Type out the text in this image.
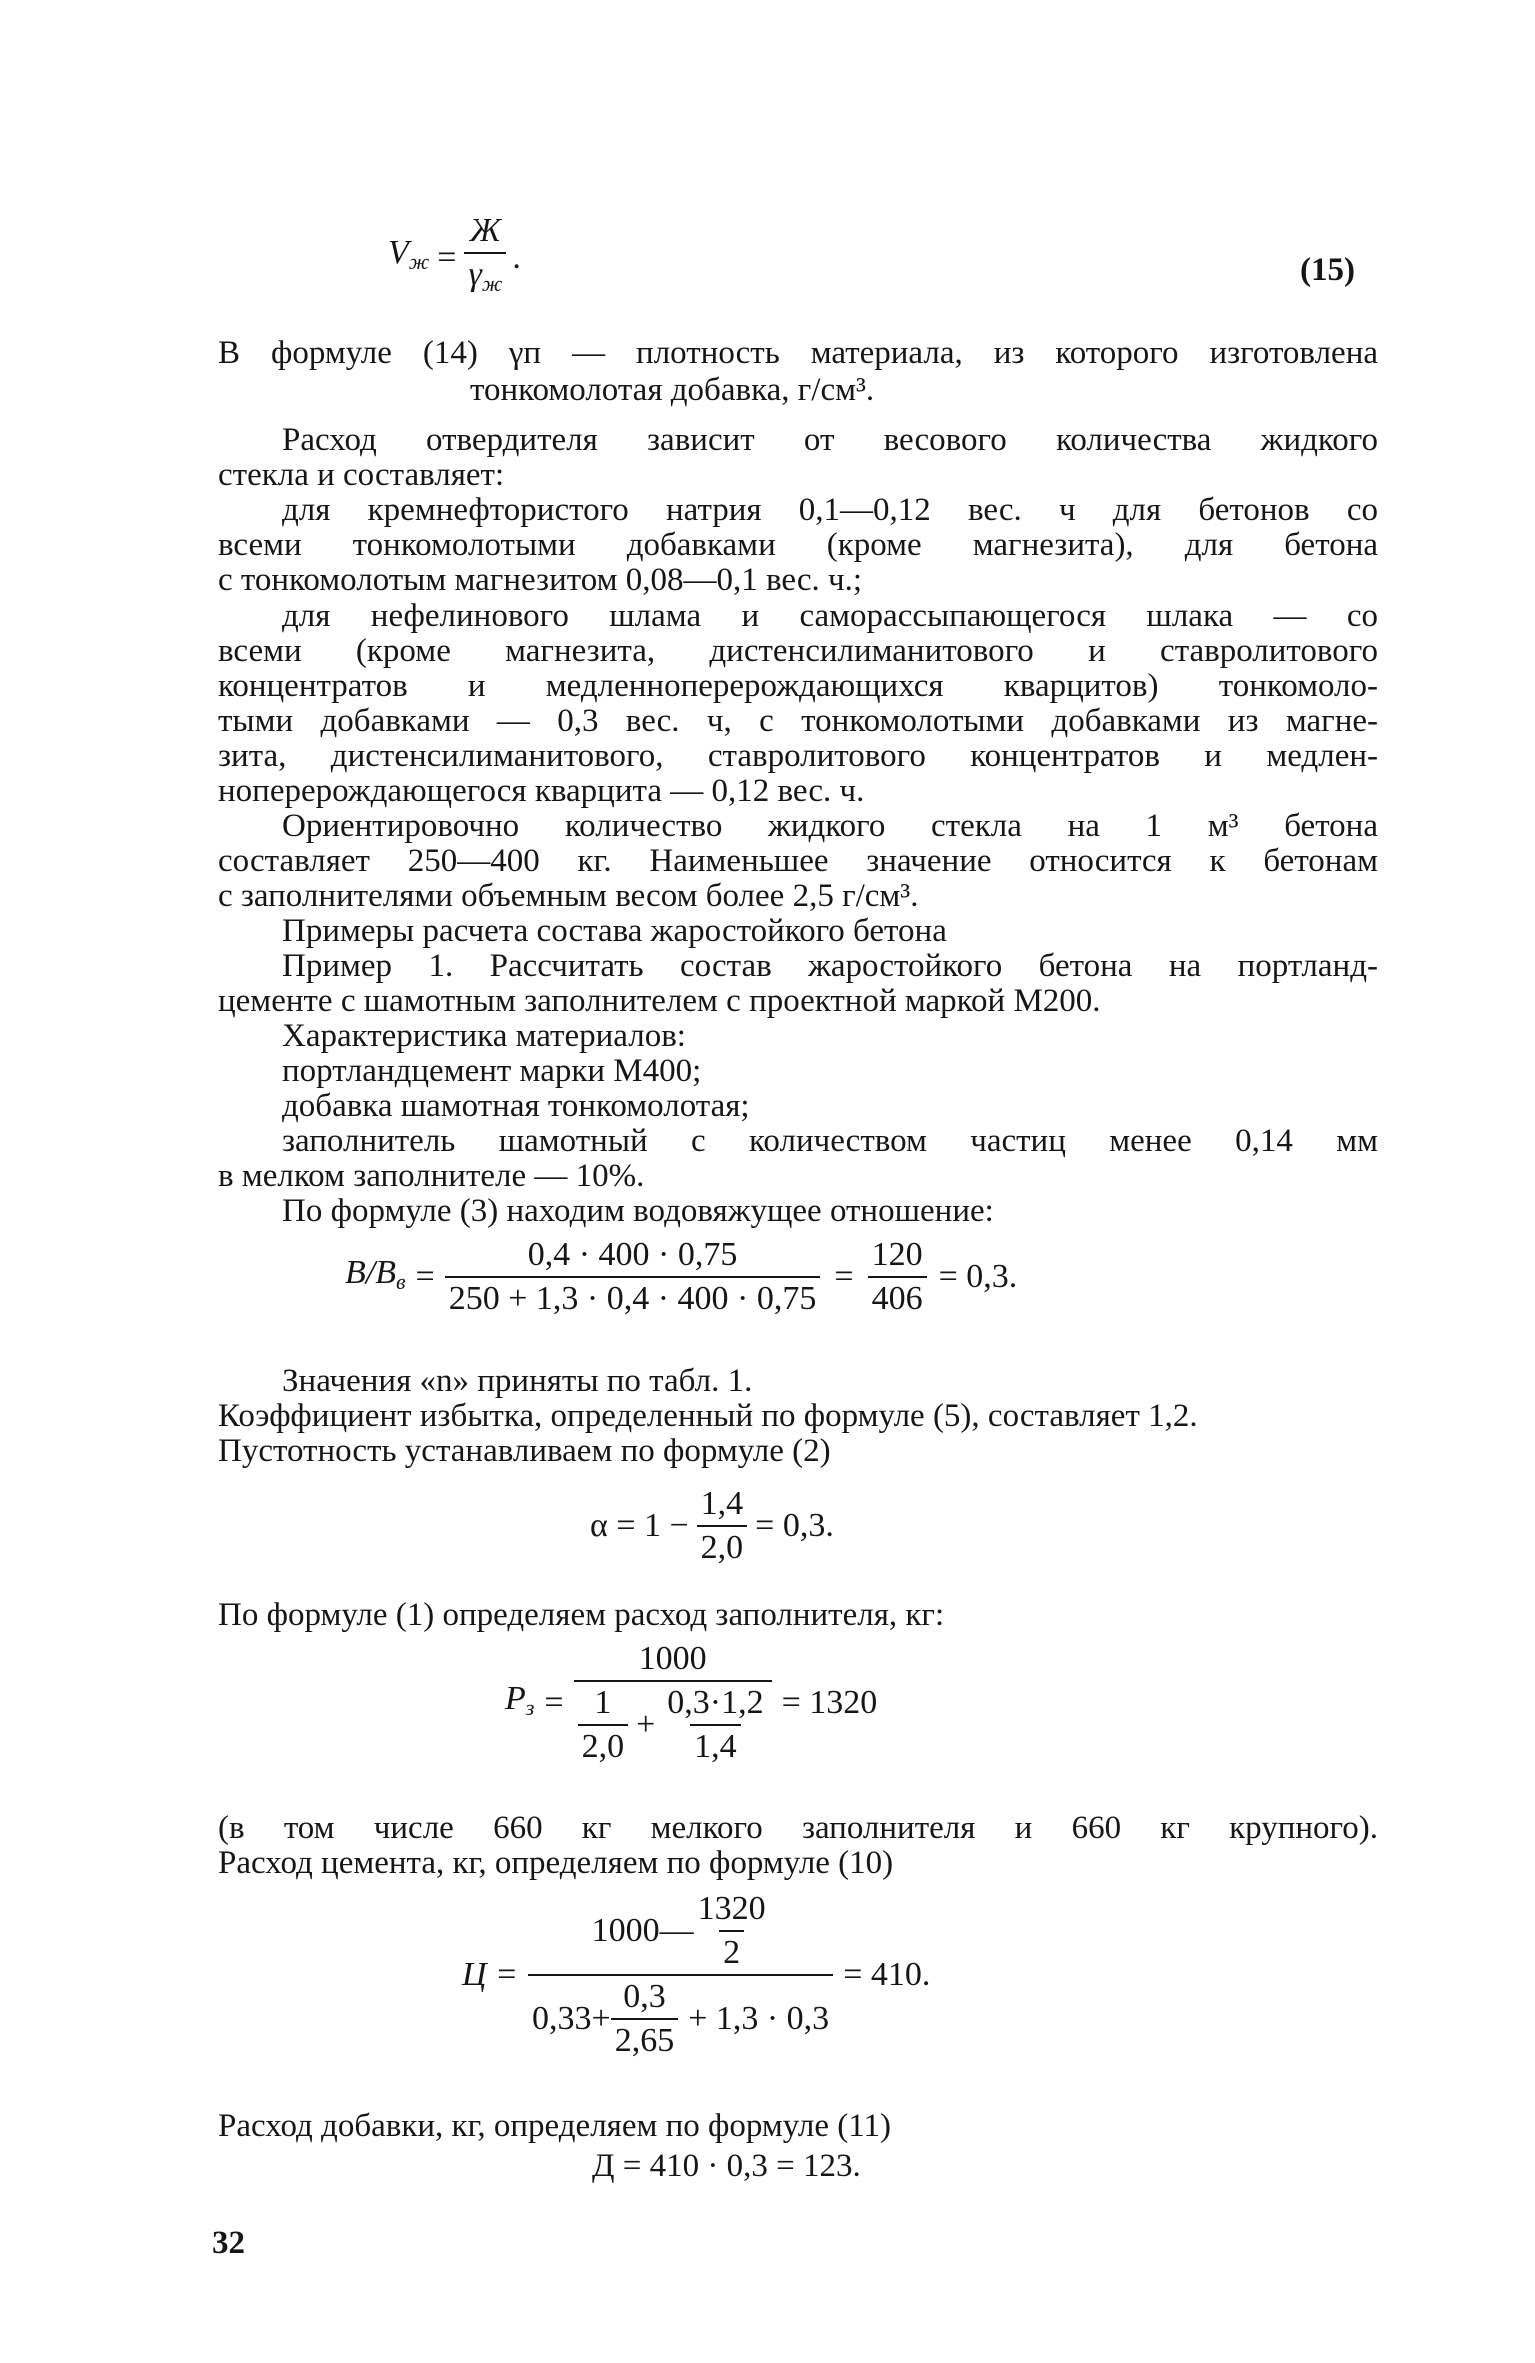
$V_ж = \frac{Ж}{\gamma_ж}$ .	(15)
В формуле (14) γп — плотность материала, из которого изготовлена
тонкомолотая добавка, г/см³.
Расход отвердителя зависит от весового количества жидкого
стекла и составляет:
для кремнефтористого натрия 0,1—0,12 вес. ч для бетонов со
всеми тонкомолотыми добавками (кроме магнезита), для бетона
с тонкомолотым магнезитом 0,08—0,1 вес. ч.;
для нефелинового шлама и саморассыпающегося шлака — со
всеми (кроме магнезита, дистенсилиманитового и ставролитового
концентратов и медленноперерождающихся кварцитов) тонкомоло-
тыми добавками — 0,3 вес. ч, с тонкомолотыми добавками из магне-
зита, дистенсилиманитового, ставролитового концентратов и медлен-
ноперерождающегося кварцита — 0,12 вес. ч.
Ориентировочно количество жидкого стекла на 1 м³ бетона
составляет 250—400 кг. Наименьшее значение относится к бетонам
с заполнителями объемным весом более 2,5 г/см³.
Примеры расчета состава жаростойкого бетона
Пример 1. Рассчитать состав жаростойкого бетона на портланд-
цементе с шамотным заполнителем с проектной маркой М200.
Характеристика материалов:
портландцемент марки М400;
добавка шамотная тонкомолотая;
заполнитель шамотный с количеством частиц менее 0,14 мм
в мелком заполнителе — 10%.
По формуле (3) находим водовяжущее отношение:
$В/В_в = \frac{0,4 \cdot 400 \cdot 0,75}{250 + 1,3 \cdot 0,4 \cdot 400 \cdot 0,75} = \frac{120}{406} = 0,3$.
Значения «n» приняты по табл. 1.
Коэффициент избытка, определенный по формуле (5), составляет 1,2.
Пустотность устанавливаем по формуле (2)
$\alpha = 1 - \frac{1,4}{2,0} = 0,3$.
По формуле (1) определяем расход заполнителя, кг:
$P_з$ =
1000
$\frac{1}{2,0} + \frac{0,3\cdot 1,2}{1,4} = 1320$
(в том числе 660 кг мелкого заполнителя и 660 кг крупного).
Расход цемента, кг, определяем по формуле (10)
Ц =
1000— $\frac{1320}{2}$
$0,33+ \frac{0,3}{2,65} + 1,3 \cdot 0,3$
= 410.
Расход добавки, кг, определяем по формуле (11)
Д = 410 · 0,3 = 123.
32
